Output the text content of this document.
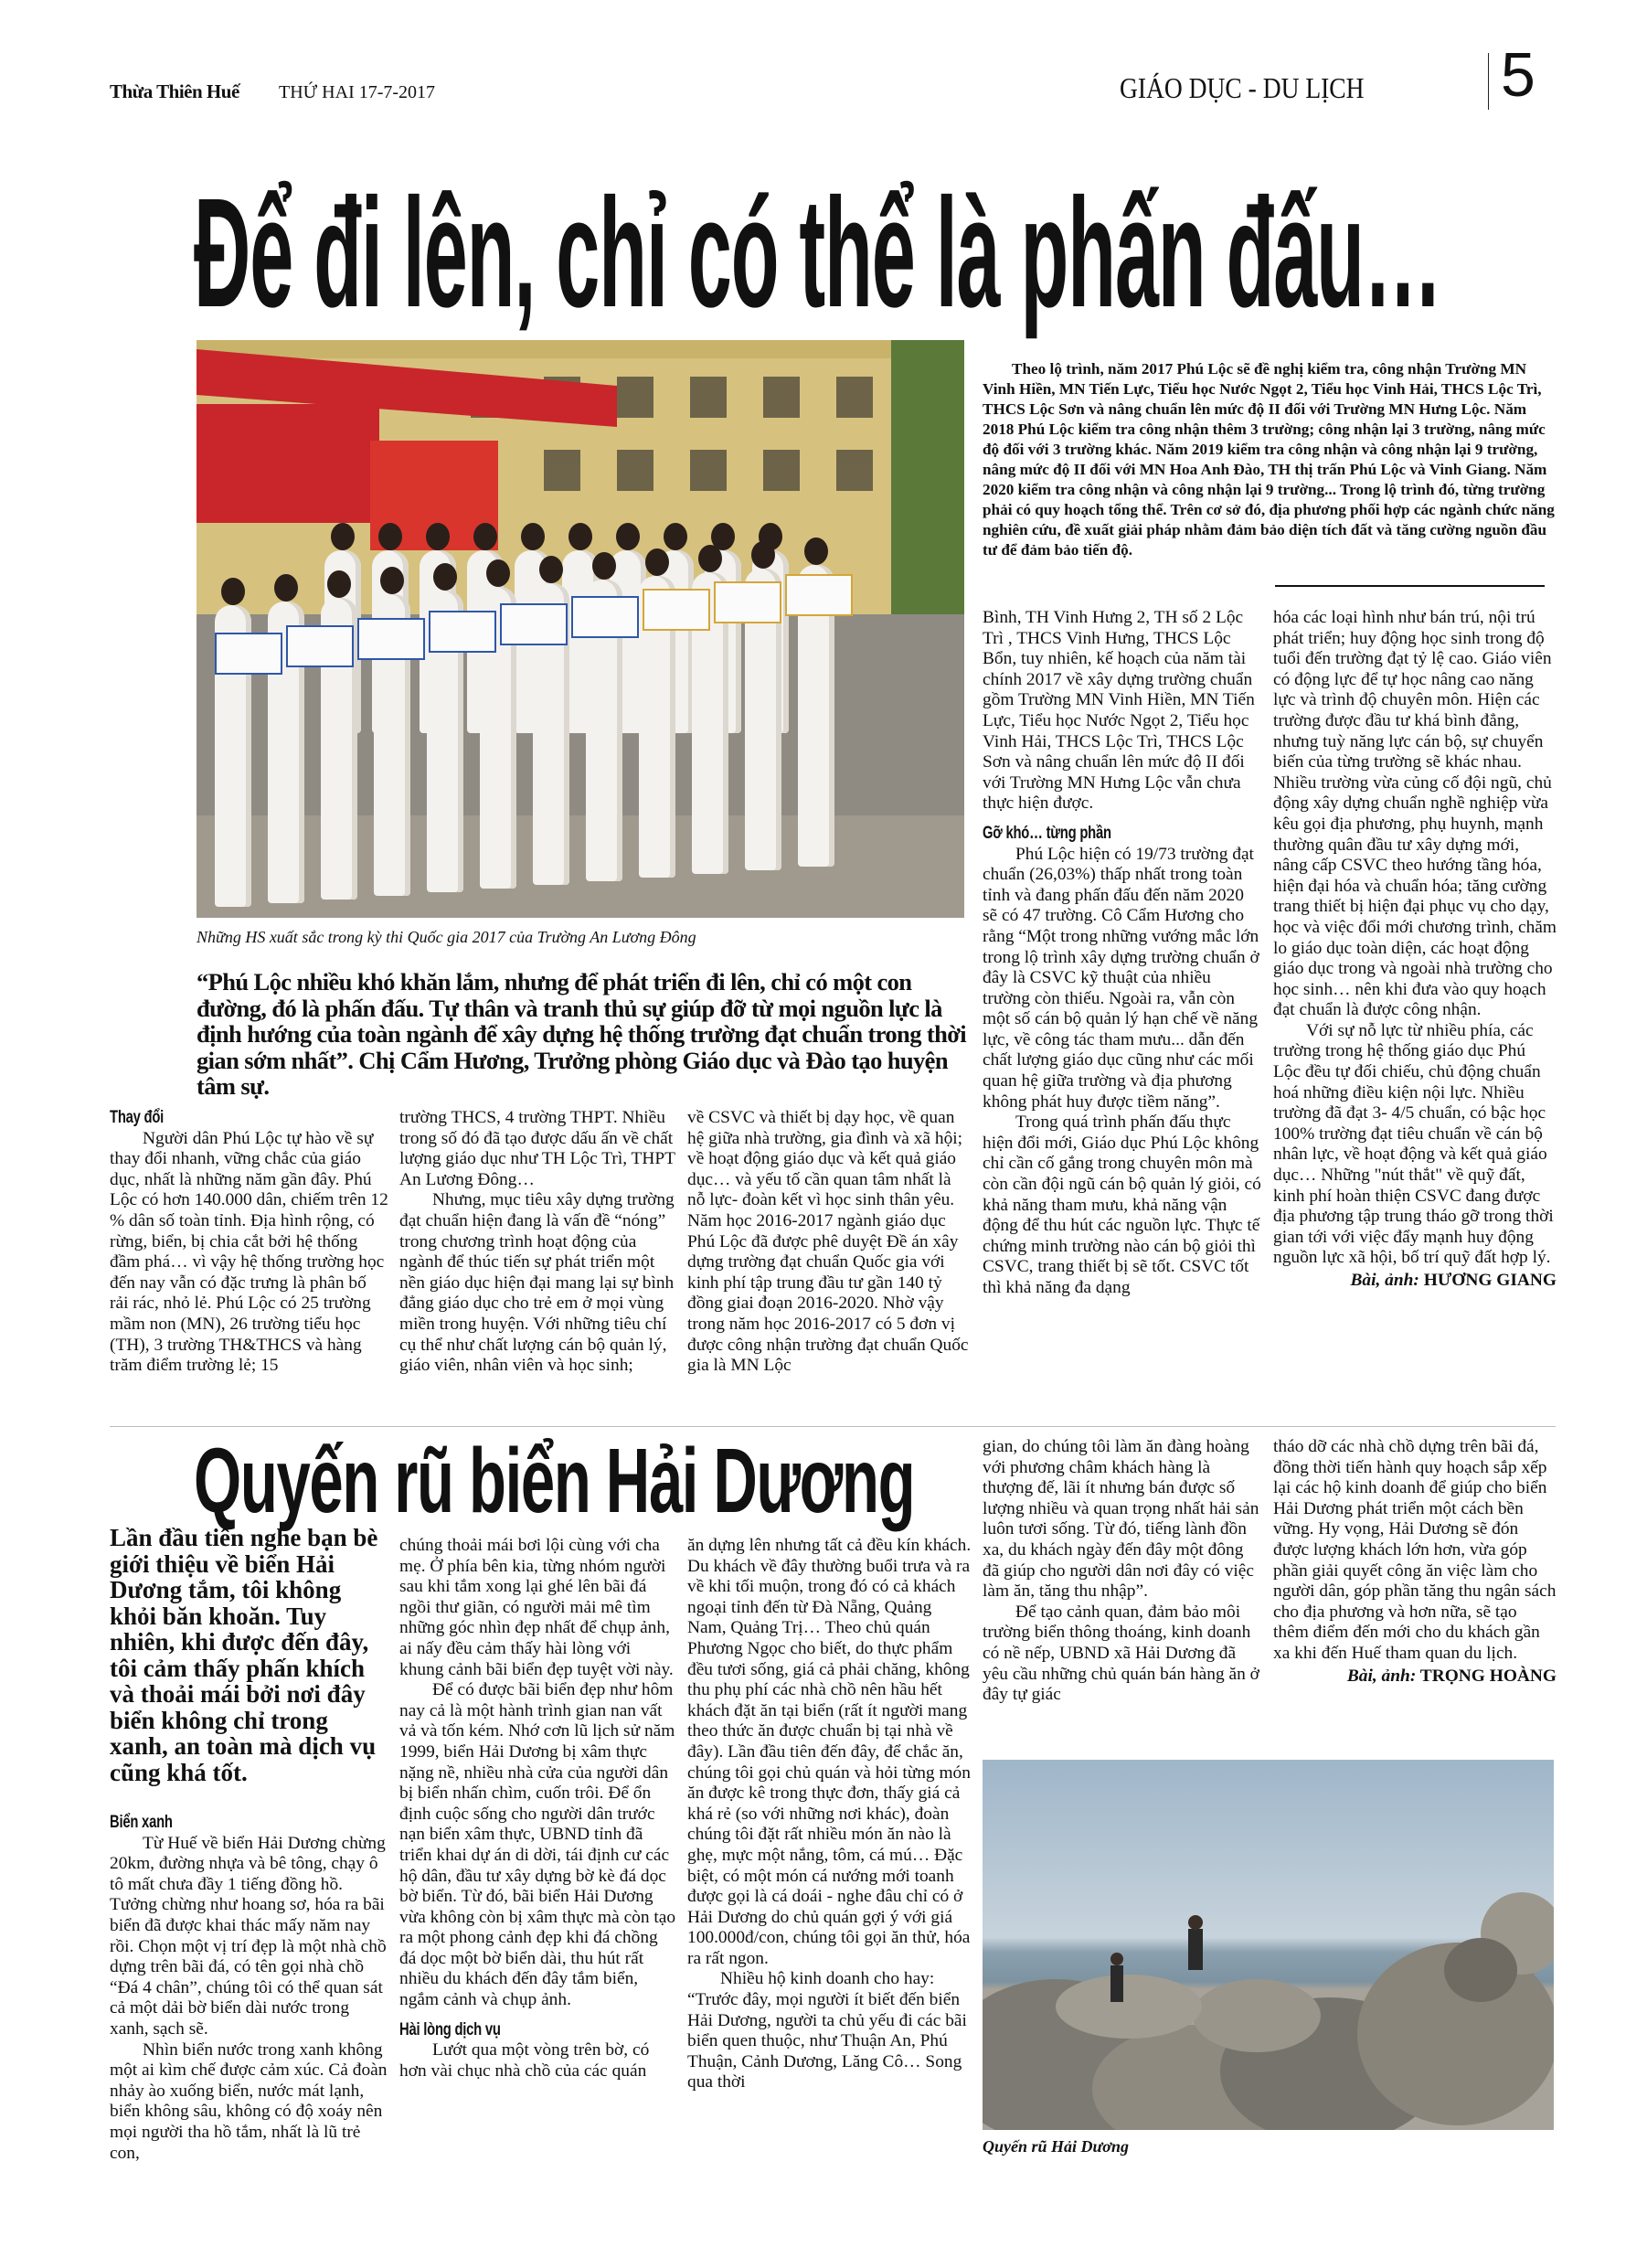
Thừa Thiên Huế THỨ HAI 17-7-2017	GIÁO DỤC - DU LỊCH 5
Để đi lên, chỉ có thể là phấn đấu…
Những HS xuất sắc trong kỳ thi Quốc gia 2017 của Trường An Lương Đông

Theo lộ trình, năm 2017 Phú Lộc sẽ đề nghị kiểm tra, công nhận Trường MN Vinh Hiền, MN Tiến Lực, Tiểu học Nước Ngọt 2, Tiểu học Vinh Hải, THCS Lộc Trì, THCS Lộc Sơn và nâng chuẩn lên mức độ II đối với Trường MN Hưng Lộc. Năm 2018 Phú Lộc kiểm tra công nhận thêm 3 trường; công nhận lại 3 trường, nâng mức độ đối với 3 trường khác. Năm 2019 kiểm tra công nhận và công nhận lại 9 trường, nâng mức độ II đối với MN Hoa Anh Đào, TH thị trấn Phú Lộc và Vinh Giang. Năm 2020 kiểm tra công nhận và công nhận lại 9 trường... Trong lộ trình đó, từng trường phải có quy hoạch tổng thể. Trên cơ sở đó, địa phương phối hợp các ngành chức năng nghiên cứu, đề xuất giải pháp nhằm đảm bảo diện tích đất và tăng cường nguồn đầu tư để đảm bảo tiến độ.

“Phú Lộc nhiều khó khăn lắm, nhưng để phát triển đi lên, chỉ có một con đường, đó là phấn đấu. Tự thân và tranh thủ sự giúp đỡ từ mọi nguồn lực là định hướng của toàn ngành để xây dựng hệ thống trường đạt chuẩn trong thời gian sớm nhất”. Chị Cẩm Hương, Trưởng phòng Giáo dục và Đào tạo huyện tâm sự.
Thay đổi

Người dân Phú Lộc tự hào về sự thay đổi nhanh, vững chắc của giáo dục, nhất là những năm gần đây. Phú Lộc có hơn 140.000 dân, chiếm trên 12 % dân số toàn tỉnh. Địa hình rộng, có rừng, biển, bị chia cắt bởi hệ thống đầm phá… vì vậy hệ thống trường học đến nay vẫn có đặc trưng là phân bố rải rác, nhỏ lẻ. Phú Lộc có 25 trường mầm non (MN), 26 trường tiểu học (TH), 3 trường TH&THCS và hàng trăm điểm trường lẻ; 15

trường THCS, 4 trường THPT. Nhiều trong số đó đã tạo được dấu ấn về chất lượng giáo dục như TH Lộc Trì, THPT An Lương Đông…

Nhưng, mục tiêu xây dựng trường đạt chuẩn hiện đang là vấn đề “nóng” trong chương trình hoạt động của ngành để thúc tiến sự phát triển một nền giáo dục hiện đại mang lại sự bình đẳng giáo dục cho trẻ em ở mọi vùng miền trong huyện. Với những tiêu chí cụ thể như chất lượng cán bộ quản lý, giáo viên, nhân viên và học sinh;

về CSVC và thiết bị dạy học, về quan hệ giữa nhà trường, gia đình và xã hội; về hoạt động giáo dục và kết quả giáo dục… và yếu tố cần quan tâm nhất là nỗ lực- đoàn kết vì học sinh thân yêu. Năm học 2016-2017 ngành giáo dục Phú Lộc đã được phê duyệt Đề án xây dựng trường đạt chuẩn Quốc gia với kinh phí tập trung đầu tư gần 140 tỷ đồng giai đoạn 2016-2020. Nhờ vậy trong năm học 2016-2017 có 5 đơn vị được công nhận trường đạt chuẩn Quốc gia là MN Lộc

Bình, TH Vinh Hưng 2, TH số 2 Lộc Trì , THCS Vinh Hưng, THCS Lộc Bổn, tuy nhiên, kế hoạch của năm tài chính 2017 về xây dựng trường chuẩn gồm Trường MN Vinh Hiền, MN Tiến Lực, Tiểu học Nước Ngọt 2, Tiểu học Vinh Hải, THCS Lộc Trì, THCS Lộc Sơn và nâng chuẩn lên mức độ II đối với Trường MN Hưng Lộc vẫn chưa thực hiện được.

Gỡ khó… từng phần

Phú Lộc hiện có 19/73 trường đạt chuẩn (26,03%) thấp nhất trong toàn tỉnh và đang phấn đấu đến năm 2020 sẽ có 47 trường. Cô Cẩm Hương cho rằng “Một trong những vướng mắc lớn trong lộ trình xây dựng trường chuẩn ở đây là CSVC kỹ thuật của nhiều trường còn thiếu. Ngoài ra, vẫn còn một số cán bộ quản lý hạn chế về năng lực, về công tác tham mưu... dẫn đến chất lượng giáo dục cũng như các mối quan hệ giữa trường và địa phương không phát huy được tiềm năng”.

Trong quá trình phấn đấu thực hiện đổi mới, Giáo dục Phú Lộc không chỉ cần cố gắng trong chuyên môn mà còn cần đội ngũ cán bộ quản lý giỏi, có khả năng tham mưu, khả năng vận động để thu hút các nguồn lực. Thực tế chứng minh trường nào cán bộ giỏi thì CSVC, trang thiết bị sẽ tốt. CSVC tốt thì khả năng đa dạng

hóa các loại hình như bán trú, nội trú phát triển; huy động học sinh trong độ tuổi đến trường đạt tỷ lệ cao. Giáo viên có động lực để tự học nâng cao năng lực và trình độ chuyên môn. Hiện các trường được đầu tư khá bình đẳng, nhưng tuỳ năng lực cán bộ, sự chuyển biến của từng trường sẽ khác nhau. Nhiều trường vừa củng cố đội ngũ, chủ động xây dựng chuẩn nghề nghiệp vừa kêu gọi địa phương, phụ huynh, mạnh thường quân đầu tư xây dựng mới, nâng cấp CSVC theo hướng tầng hóa, hiện đại hóa và chuẩn hóa; tăng cường trang thiết bị hiện đại phục vụ cho dạy, học và việc đổi mới chương trình, chăm lo giáo dục toàn diện, các hoạt động giáo dục trong và ngoài nhà trường cho học sinh… nên khi đưa vào quy hoạch đạt chuẩn là được công nhận.

Với sự nỗ lực từ nhiều phía, các trường trong hệ thống giáo dục Phú Lộc đều tự đối chiếu, chủ động chuẩn hoá những điều kiện nội lực. Nhiều trường đã đạt 3- 4/5 chuẩn, có bậc học 100% trường đạt tiêu chuẩn về cán bộ nhân lực, về hoạt động và kết quả giáo dục… Những "nút thắt" về quỹ đất, kinh phí hoàn thiện CSVC đang được địa phương tập trung tháo gỡ trong thời gian tới với việc đẩy mạnh huy động nguồn lực xã hội, bố trí quỹ đất hợp lý.

Bài, ảnh: HƯƠNG GIANG
Quyến rũ biển Hải Dương

Lần đầu tiên nghe bạn bè giới thiệu về biển Hải Dương tắm, tôi không khỏi băn khoăn. Tuy nhiên, khi được đến đây, tôi cảm thấy phấn khích và thoải mái bởi nơi đây biển không chỉ trong xanh, an toàn mà dịch vụ cũng khá tốt.

Biển xanh

Từ Huế về biển Hải Dương chừng 20km, đường nhựa và bê tông, chạy ô tô mất chưa đầy 1 tiếng đồng hồ. Tưởng chừng như hoang sơ, hóa ra bãi biển đã được khai thác mấy năm nay rồi. Chọn một vị trí đẹp là một nhà chồ dựng trên bãi đá, có tên gọi nhà chồ “Đá 4 chân”, chúng tôi có thể quan sát cả một dải bờ biển dài nước trong xanh, sạch sẽ.

Nhìn biển nước trong xanh không một ai kìm chế được cảm xúc. Cả đoàn nhảy ào xuống biển, nước mát lạnh, biển không sâu, không có độ xoáy nên mọi người tha hồ tắm, nhất là lũ trẻ con,

chúng thoải mái bơi lội cùng với cha mẹ. Ở phía bên kia, từng nhóm người sau khi tắm xong lại ghé lên bãi đá ngồi thư giãn, có người mải mê tìm những góc nhìn đẹp nhất để chụp ảnh, ai nấy đều cảm thấy hài lòng với khung cảnh bãi biển đẹp tuyệt vời này.

Để có được bãi biển đẹp như hôm nay cả là một hành trình gian nan vất vả và tốn kém. Nhớ cơn lũ lịch sử năm 1999, biển Hải Dương bị xâm thực nặng nề, nhiều nhà cửa của người dân bị biển nhấn chìm, cuốn trôi. Để ổn định cuộc sống cho người dân trước nạn biển xâm thực, UBND tỉnh đã triển khai dự án di dời, tái định cư các hộ dân, đầu tư xây dựng bờ kè đá dọc bờ biển. Từ đó, bãi biển Hải Dương vừa không còn bị xâm thực mà còn tạo ra một phong cảnh đẹp khi đá chồng đá dọc một bờ biển dài, thu hút rất nhiều du khách đến đây tắm biển, ngắm cảnh và chụp ảnh.

Hài lòng dịch vụ

Lướt qua một vòng trên bờ, có hơn vài chục nhà chồ của các quán

ăn dựng lên nhưng tất cả đều kín khách. Du khách về đây thường buổi trưa và ra về khi tối muộn, trong đó có cả khách ngoại tỉnh đến từ Đà Nẵng, Quảng Nam, Quảng Trị… Theo chủ quán Phương Ngọc cho biết, do thực phẩm đều tươi sống, giá cả phải chăng, không thu phụ phí các nhà chồ nên hầu hết khách đặt ăn tại biển (rất ít người mang theo thức ăn được chuẩn bị tại nhà về đây). Lần đầu tiên đến đây, để chắc ăn, chúng tôi gọi chủ quán và hỏi từng món ăn được kê trong thực đơn, thấy giá cả khá rẻ (so với những nơi khác), đoàn chúng tôi đặt rất nhiều món ăn nào là ghẹ, mực một nắng, tôm, cá mú… Đặc biệt, có một món cá nướng mới toanh được gọi là cá doái - nghe đâu chỉ có ở Hải Dương do chủ quán gợi ý với giá 100.000đ/con, chúng tôi gọi ăn thử, hóa ra rất ngon.

Nhiều hộ kinh doanh cho hay: “Trước đây, mọi người ít biết đến biển Hải Dương, người ta chủ yếu đi các bãi biển quen thuộc, như Thuận An, Phú Thuận, Cảnh Dương, Lăng Cô… Song qua thời

gian, do chúng tôi làm ăn đàng hoàng với phương châm khách hàng là thượng đế, lãi ít nhưng bán được số lượng nhiều và quan trọng nhất hải sản luôn tươi sống. Từ đó, tiếng lành đồn xa, du khách ngày đến đây một đông đã giúp cho người dân nơi đây có việc làm ăn, tăng thu nhập”.

Để tạo cảnh quan, đảm bảo môi trường biển thông thoáng, kinh doanh có nề nếp, UBND xã Hải Dương đã yêu cầu những chủ quán bán hàng ăn ở đây tự giác

tháo dỡ các nhà chồ dựng trên bãi đá, đồng thời tiến hành quy hoạch sắp xếp lại các hộ kinh doanh để giúp cho biển Hải Dương phát triển một cách bền vững. Hy vọng, Hải Dương sẽ đón được lượng khách lớn hơn, vừa góp phần giải quyết công ăn việc làm cho người dân, góp phần tăng thu ngân sách cho địa phương và hơn nữa, sẽ tạo thêm điểm đến mới cho du khách gần xa khi đến Huế tham quan du lịch.

Bài, ảnh: TRỌNG HOÀNG
Quyến rũ Hải Dương
